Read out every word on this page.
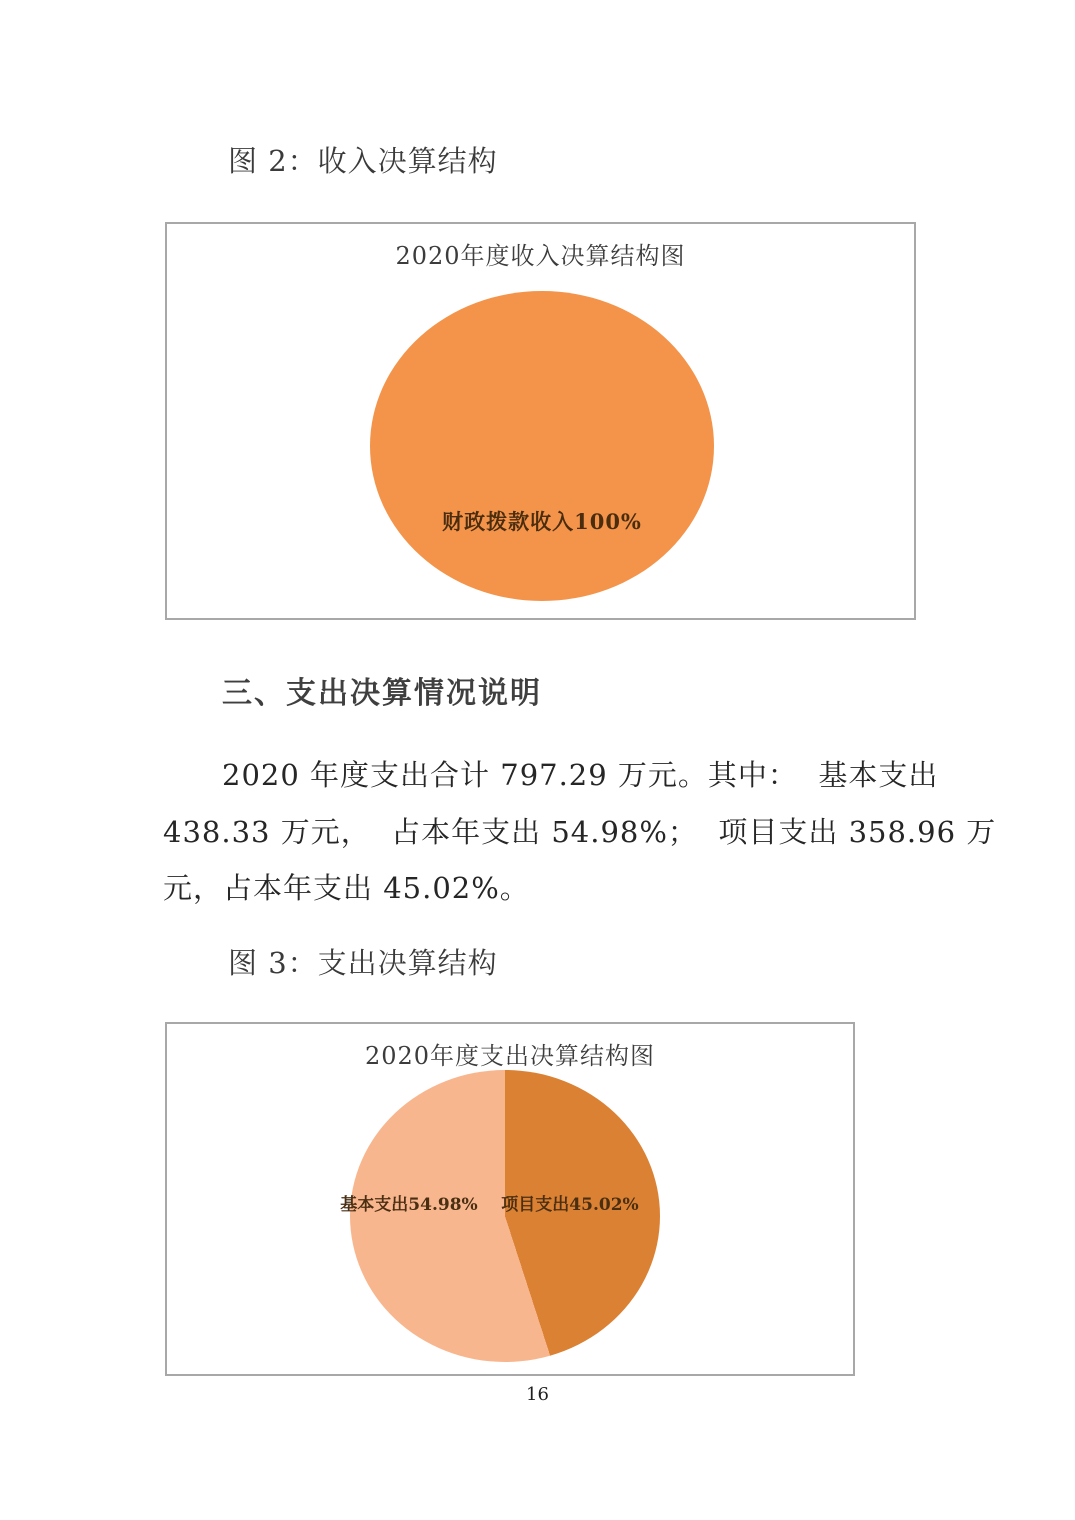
图 2：收入决算结构
2020年度收入决算结构图
财政拨款收入100%
三、支出决算情况说明
2020 年度支出合计 797.29 万元。其中：  基本支出
438.33 万元，  占本年支出 54.98%；  项目支出 358.96 万
元，占本年支出 45.02%。
图 3：支出决算结构
2020年度支出决算结构图
基本支出54.98% 项目支出45.02%
16
